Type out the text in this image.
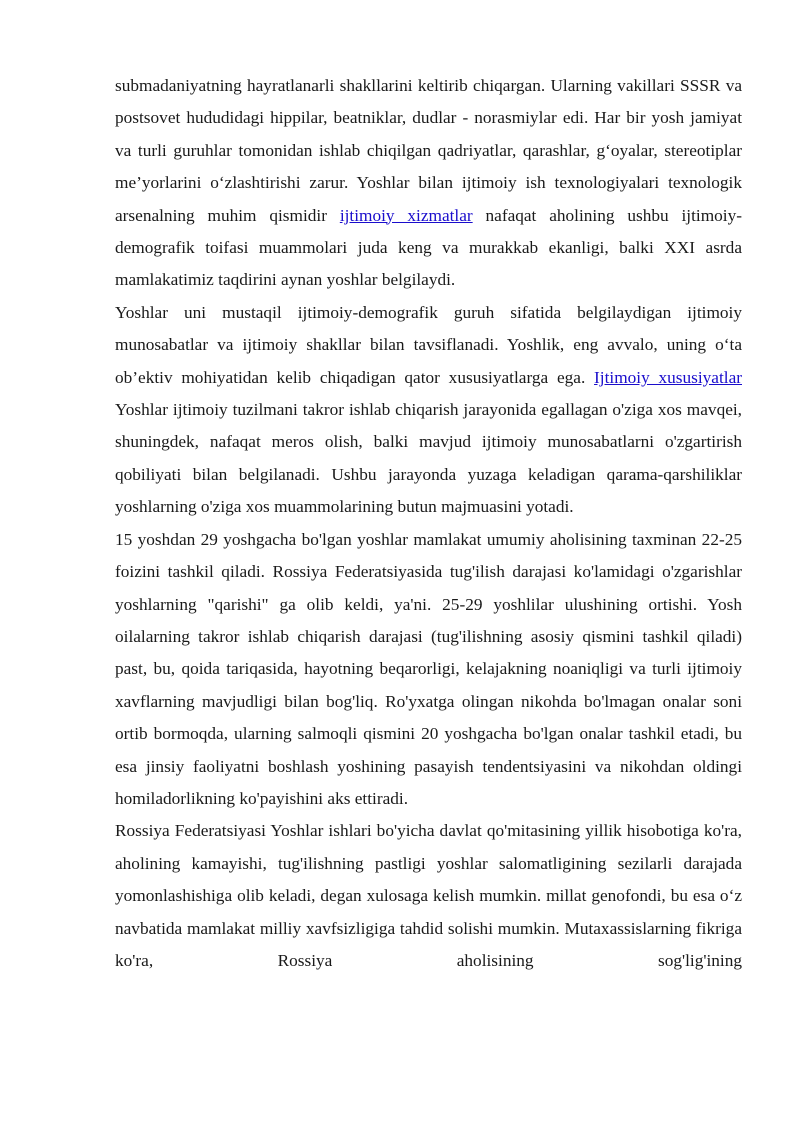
submadaniyatning hayratlanarli shakllarini keltirib chiqargan. Ularning vakillari SSSR va postsovet hududidagi hippilar, beatniklar, dudlar - norasmiylar edi. Har bir yosh jamiyat va turli guruhlar tomonidan ishlab chiqilgan qadriyatlar, qarashlar, g‘oyalar, stereotiplar me’yorlarini o‘zlashtirishi zarur. Yoshlar bilan ijtimoiy ish texnologiyalari texnologik arsenalning muhim qismidir ijtimoiy xizmatlar nafaqat aholining ushbu ijtimoiy-demografik toifasi muammolari juda keng va murakkab ekanligi, balki XXI asrda mamlakatimiz taqdirini aynan yoshlar belgilaydi.

Yoshlar uni mustaqil ijtimoiy-demografik guruh sifatida belgilaydigan ijtimoiy munosabatlar va ijtimoiy shakllar bilan tavsiflanadi. Yoshlik, eng avvalo, uning o‘ta ob’ektiv mohiyatidan kelib chiqadigan qator xususiyatlarga ega. Ijtimoiy xususiyatlar Yoshlar ijtimoiy tuzilmani takror ishlab chiqarish jarayonida egallagan o'ziga xos mavqei, shuningdek, nafaqat meros olish, balki mavjud ijtimoiy munosabatlarni o'zgartirish qobiliyati bilan belgilanadi. Ushbu jarayonda yuzaga keladigan qarama-qarshiliklar yoshlarning o'ziga xos muammolarining butun majmuasini yotadi.

15 yoshdan 29 yoshgacha bo'lgan yoshlar mamlakat umumiy aholisining taxminan 22-25 foizini tashkil qiladi. Rossiya Federatsiyasida tug'ilish darajasi ko'lamidagi o'zgarishlar yoshlarning "qarishi" ga olib keldi, ya'ni. 25-29 yoshlilar ulushining ortishi. Yosh oilalarning takror ishlab chiqarish darajasi (tug'ilishning asosiy qismini tashkil qiladi) past, bu, qoida tariqasida, hayotning beqarorligi, kelajakning noaniqligi va turli ijtimoiy xavflarning mavjudligi bilan bog'liq. Ro'yxatga olingan nikohda bo'lmagan onalar soni ortib bormoqda, ularning salmoqli qismini 20 yoshgacha bo'lgan onalar tashkil etadi, bu esa jinsiy faoliyatni boshlash yoshining pasayish tendentsiyasini va nikohdan oldingi homiladorlikning ko'payishini aks ettiradi.

Rossiya Federatsiyasi Yoshlar ishlari bo'yicha davlat qo'mitasining yillik hisobotiga ko'ra, aholining kamayishi, tug'ilishning pastligi yoshlar salomatligining sezilarli darajada yomonlashishiga olib keladi, degan xulosaga kelish mumkin. millat genofondi, bu esa o‘z navbatida mamlakat milliy xavfsizligiga tahdid solishi mumkin. Mutaxassislarning fikriga ko'ra, Rossiya aholisining sog'lig'ining
